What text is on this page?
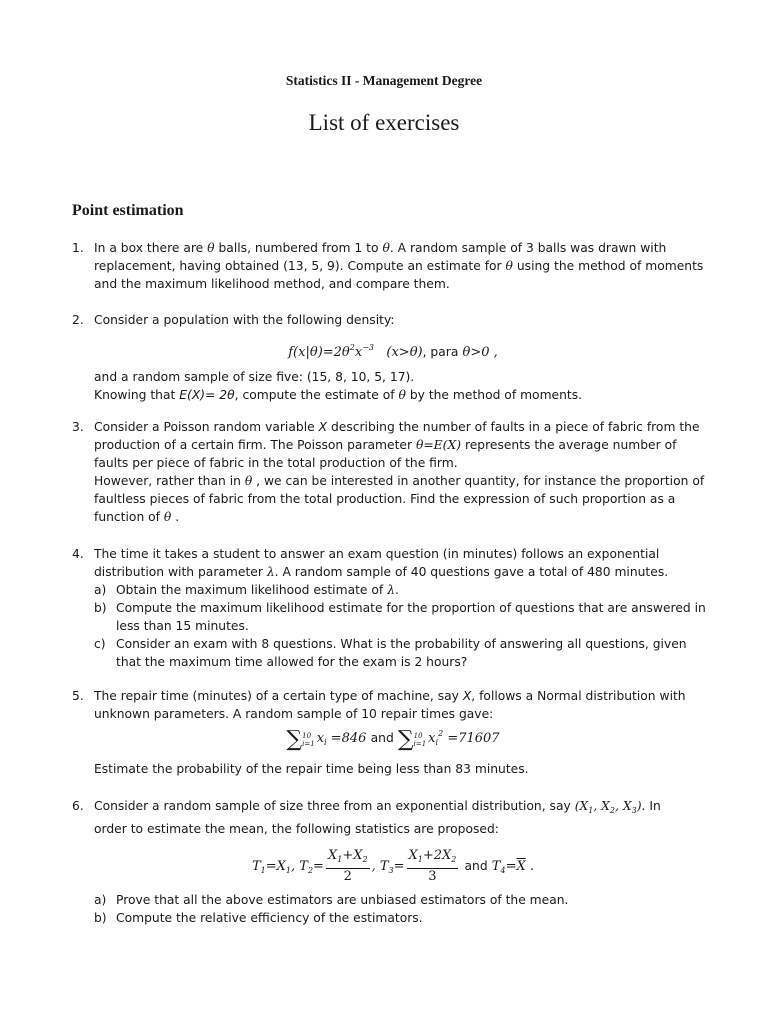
Statistics II - Management Degree
List of exercises
Point estimation
1. In a box there are θ balls, numbered from 1 to θ. A random sample of 3 balls was drawn with
replacement, having obtained (13, 5, 9). Compute an estimate for θ using the method of moments
and the maximum likelihood method, and compare them.
2. Consider a population with the following density:
$f(x|\theta)=2\theta^2x^{-3}$   (x>θ), para θ>0 ,
and a random sample of size five: (15, 8, 10, 5, 17).
Knowing that E(X)= 2θ, compute the estimate of θ by the method of moments.
3. Consider a Poisson random variable X describing the number of faults in a piece of fabric from the
production of a certain firm. The Poisson parameter θ=E(X) represents the average number of
faults per piece of fabric in the total production of the firm.
However, rather than in θ , we can be interested in another quantity, for instance the proportion of
faultless pieces of fabric from the total production. Find the expression of such proportion as a
function of θ .
4. The time it takes a student to answer an exam question (in minutes) follows an exponential
distribution with parameter λ. A random sample of 40 questions gave a total of 480 minutes.
a) Obtain the maximum likelihood estimate of λ.
b) Compute the maximum likelihood estimate for the proportion of questions that are answered in
less than 15 minutes.
c) Consider an exam with 8 questions. What is the probability of answering all questions, given
that the maximum time allowed for the exam is 2 hours?
5. The repair time (minutes) of a certain type of machine, say X, follows a Normal distribution with
unknown parameters. A random sample of 10 repair times gave:
∑10
i=1 $x_i =846$ and ∑10
i=1 $x_i^2 =71607$
Estimate the probability of the repair time being less than 83 minutes.
6. Consider a random sample of size three from an exponential distribution, say ($X_1$, $X_2$, $X_3$). In
order to estimate the mean, the following statistics are proposed:
$T_1=X_1$, $T_2= \frac{X_1+X_2}{2}$ , $T_3= \frac{X_1+2X_2}{3}$ and $T_4=\overline{X}$ .
a) Prove that all the above estimators are unbiased estimators of the mean.
b) Compute the relative efficiency of the estimators.
